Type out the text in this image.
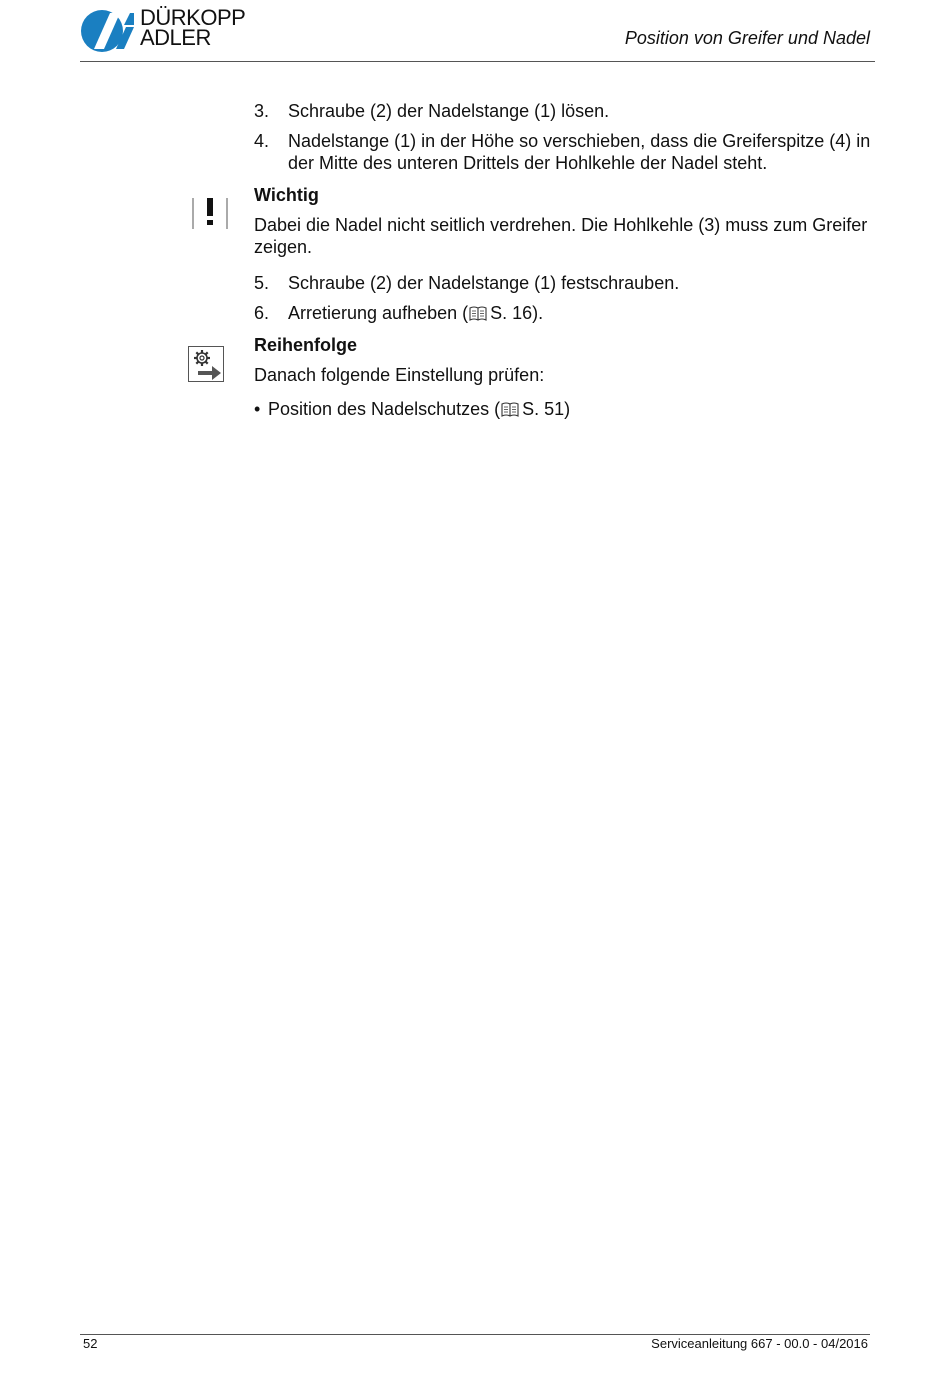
DÜRKOPP
ADLER	Position von Greifer und Nadel
3. Schraube (2) der Nadelstange (1) lösen.
4. Nadelstange (1) in der Höhe so verschieben, dass die Greiferspitze (4) in der Mitte des unteren Drittels der Hohlkehle der Nadel steht.
Wichtig
Dabei die Nadel nicht seitlich verdrehen. Die Hohlkehle (3) muss zum Greifer zeigen.
5. Schraube (2) der Nadelstange (1) festschrauben.
6. Arretierung aufheben ( S. 16).
Reihenfolge
Danach folgende Einstellung prüfen:
• Position des Nadelschutzes ( S. 51)
52	Serviceanleitung 667 - 00.0 - 04/2016
